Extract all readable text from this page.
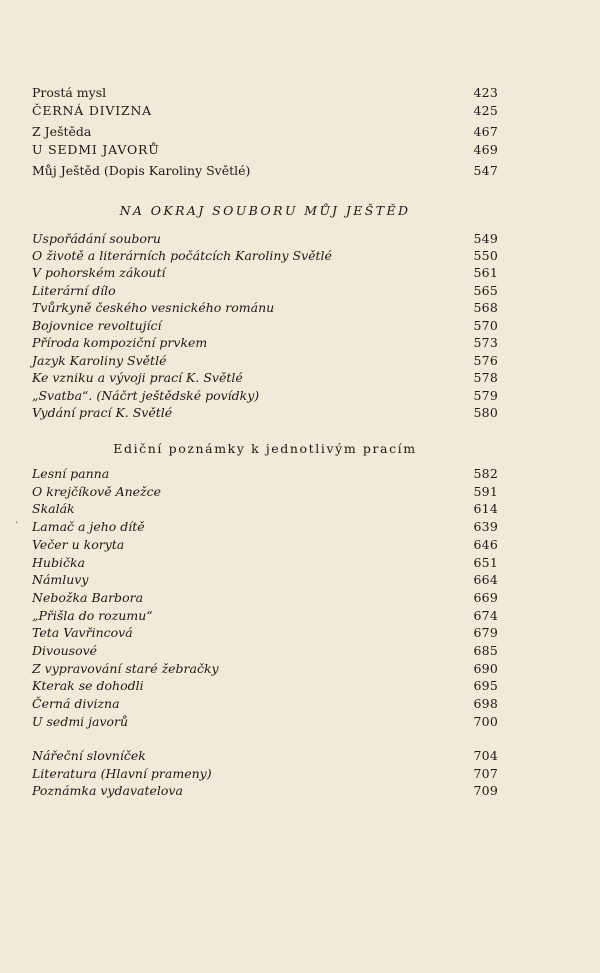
Prostá mysl	423
ČERNÁ DIVIZNA	425
Z Ještěda	467
U SEDMI JAVORŮ	469
Můj Ještěd (Dopis Karoliny Světlé)	547
NA OKRAJ SOUBORU MŮJ JEŠTĚD
Uspořádání souboru	549
O životě a literárních počátcích Karoliny Světlé	550
V pohorském zákoutí	561
Literární dílo	565
Tvůrkyně českého vesnického románu	568
Bojovnice revoltující	570
Příroda kompoziční prvkem	573
Jazyk Karoliny Světlé	576
Ke vzniku a vývoji prací K. Světlé	578
„Svatba“. (Náčrt ještědské povídky)	579
Vydání prací K. Světlé	580
Ediční poznámky k jednotlivým pracím
Lesní panna	582
O krejčíkově Anežce	591
Skalák	614
Lamač a jeho dítě	639
Večer u koryta	646
Hubička	651
Námluvy	664
Nebožka Barbora	669
„Přišla do rozumu“	674
Teta Vavřincová	679
Divousové	685
Z vypravování staré žebračky	690
Kterak se dohodli	695
Černá divizna	698
U sedmi javorů	700
Nářeční slovníček	704
Literatura (Hlavní prameny)	707
Poznámka vydavatelova	709
·
